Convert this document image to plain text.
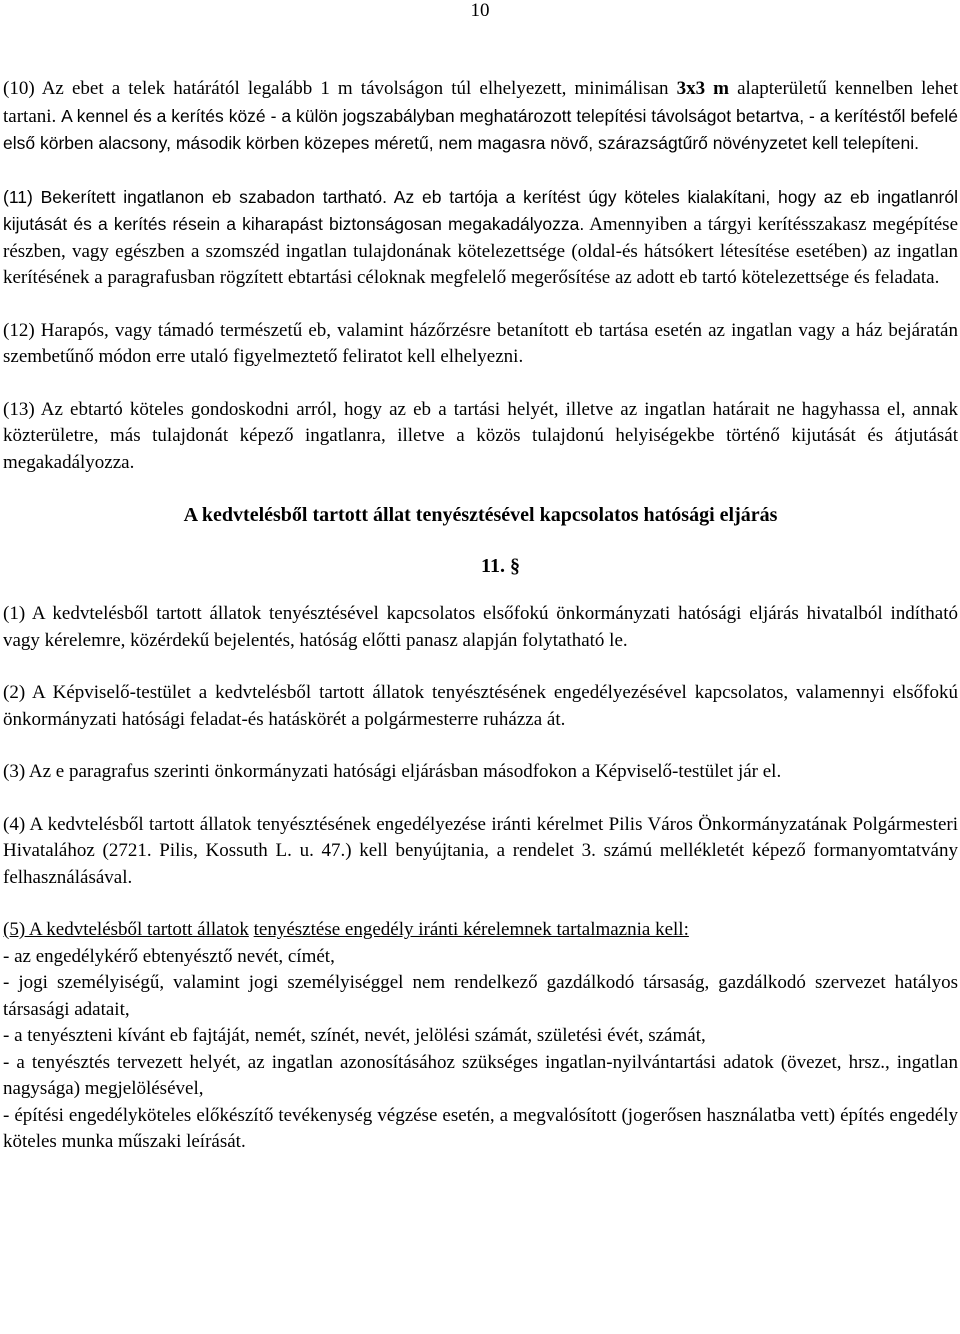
10

(10) Az ebet a telek határától legalább 1 m távolságon túl elhelyezett, minimálisan 3x3 m alapterületű kennelben lehet tartani. A kennel és a kerítés közé - a külön jogszabályban meghatározott telepítési távolságot betartva, - a kerítéstől befelé első körben alacsony, második körben közepes méretű, nem magasra növő, szárazságtűrő növényzetet kell telepíteni.

(11) Bekerített ingatlanon eb szabadon tartható. Az eb tartója a kerítést úgy köteles kialakítani, hogy az eb ingatlanról kijutását és a kerítés résein a kiharapást biztonságosan megakadályozza. Amennyiben a tárgyi kerítésszakasz megépítése részben, vagy egészben a szomszéd ingatlan tulajdonának kötelezettsége (oldal-és hátsókert létesítése esetében) az ingatlan kerítésének a paragrafusban rögzített ebtartási céloknak megfelelő megerősítése az adott eb tartó kötelezettsége és feladata.

(12) Harapós, vagy támadó természetű eb, valamint házőrzésre betanított eb tartása esetén az ingatlan vagy a ház bejáratán szembetűnő módon erre utaló figyelmeztető feliratot kell elhelyezni.

(13) Az ebtartó köteles gondoskodni arról, hogy az eb a tartási helyét, illetve az ingatlan határait ne hagyhassa el, annak közterületre, más tulajdonát képező ingatlanra, illetve a közös tulajdonú helyiségekbe történő kijutását és átjutását megakadályozza.

A kedvtelésből tartott állat tenyésztésével kapcsolatos hatósági eljárás
11. §

(1) A kedvtelésből tartott állatok tenyésztésével kapcsolatos elsőfokú önkormányzati hatósági eljárás hivatalból indítható vagy kérelemre, közérdekű bejelentés, hatóság előtti panasz alapján folytatható le.

(2) A Képviselő-testület a kedvtelésből tartott állatok tenyésztésének engedélyezésével kapcsolatos, valamennyi elsőfokú önkormányzati hatósági feladat-és hatáskörét a polgármesterre ruházza át.

(3) Az e paragrafus szerinti önkormányzati hatósági eljárásban másodfokon a Képviselő-testület jár el.

(4) A kedvtelésből tartott állatok tenyésztésének engedélyezése iránti kérelmet Pilis Város Önkormányzatának Polgármesteri Hivatalához (2721. Pilis, Kossuth L. u. 47.) kell benyújtania, a rendelet 3. számú mellékletét képező formanyomtatvány felhasználásával.

(5) A kedvtelésből tartott állatok tenyésztése engedély iránti kérelemnek tartalmaznia kell:
- az engedélykérő ebtenyésztő nevét, címét,
- jogi személyiségű, valamint jogi személyiséggel nem rendelkező gazdálkodó társaság, gazdálkodó szervezet hatályos társasági adatait,
- a tenyészteni kívánt eb fajtáját, nemét, színét, nevét, jelölési számát, születési évét, számát,
- a tenyésztés tervezett helyét, az ingatlan azonosításához szükséges ingatlan-nyilvántartási adatok (övezet, hrsz., ingatlan nagysága) megjelölésével,
- építési engedélyköteles előkészítő tevékenység végzése esetén, a megvalósított (jogerősen használatba vett) építés engedély köteles munka műszaki leírását.
